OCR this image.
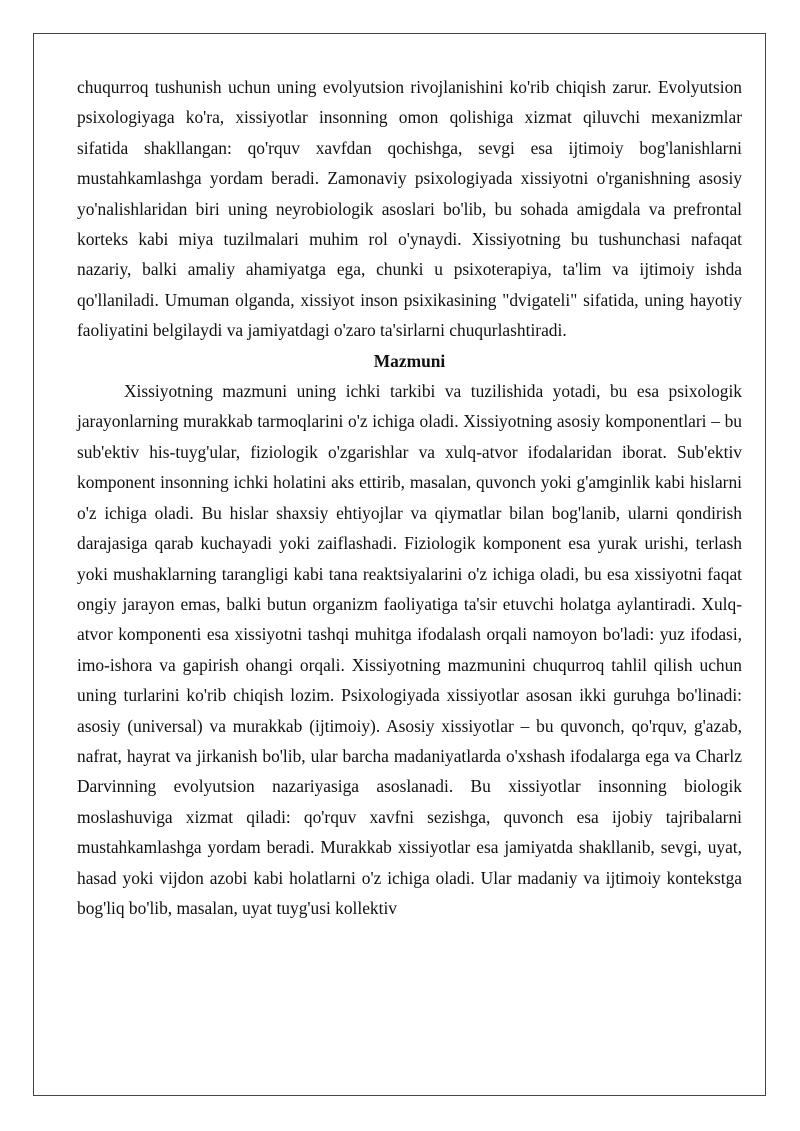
chuqurroq tushunish uchun uning evolyutsion rivojlanishini ko'rib chiqish zarur. Evolyutsion psixologiyaga ko'ra, xissiyotlar insonning omon qolishiga xizmat qiluvchi mexanizmlar sifatida shakllangan: qo'rquv xavfdan qochishga, sevgi esa ijtimoiy bog'lanishlarni mustahkamlashga yordam beradi. Zamonaviy psixologiyada xissiyotni o'rganishning asosiy yo'nalishlaridan biri uning neyrobiologik asoslari bo'lib, bu sohada amigdala va prefrontal korteks kabi miya tuzilmalari muhim rol o'ynaydi. Xissiyotning bu tushunchasi nafaqat nazariy, balki amaliy ahamiyatga ega, chunki u psixoterapiya, ta'lim va ijtimoiy ishda qo'llaniladi. Umuman olganda, xissiyot inson psixikasining "dvigateli" sifatida, uning hayotiy faoliyatini belgilaydi va jamiyatdagi o'zaro ta'sirlarni chuqurlashtiradi.

Mazmuni

Xissiyotning mazmuni uning ichki tarkibi va tuzilishida yotadi, bu esa psixologik jarayonlarning murakkab tarmoqlarini o'z ichiga oladi. Xissiyotning asosiy komponentlari – bu sub'ektiv his-tuyg'ular, fiziologik o'zgarishlar va xulq-atvor ifodalaridan iborat. Sub'ektiv komponent insonning ichki holatini aks ettirib, masalan, quvonch yoki g'amginlik kabi hislarni o'z ichiga oladi. Bu hislar shaxsiy ehtiyojlar va qiymatlar bilan bog'lanib, ularni qondirish darajasiga qarab kuchayadi yoki zaiflashadi. Fiziologik komponent esa yurak urishi, terlash yoki mushaklarning tarangligi kabi tana reaktsiyalarini o'z ichiga oladi, bu esa xissiyotni faqat ongiy jarayon emas, balki butun organizm faoliyatiga ta'sir etuvchi holatga aylantiradi. Xulq-atvor komponenti esa xissiyotni tashqi muhitga ifodalash orqali namoyon bo'ladi: yuz ifodasi, imo-ishora va gapirish ohangi orqali. Xissiyotning mazmunini chuqurroq tahlil qilish uchun uning turlarini ko'rib chiqish lozim. Psixologiyada xissiyotlar asosan ikki guruhga bo'linadi: asosiy (universal) va murakkab (ijtimoiy). Asosiy xissiyotlar – bu quvonch, qo'rquv, g'azab, nafrat, hayrat va jirkanish bo'lib, ular barcha madaniyatlarda o'xshash ifodalarga ega va Charlz Darvinning evolyutsion nazariyasiga asoslanadi. Bu xissiyotlar insonning biologik moslashuviga xizmat qiladi: qo'rquv xavfni sezishga, quvonch esa ijobiy tajribalarni mustahkamlashga yordam beradi. Murakkab xissiyotlar esa jamiyatda shakllanib, sevgi, uyat, hasad yoki vijdon azobi kabi holatlarni o'z ichiga oladi. Ular madaniy va ijtimoiy kontekstga bog'liq bo'lib, masalan, uyat tuyg'usi kollektiv
